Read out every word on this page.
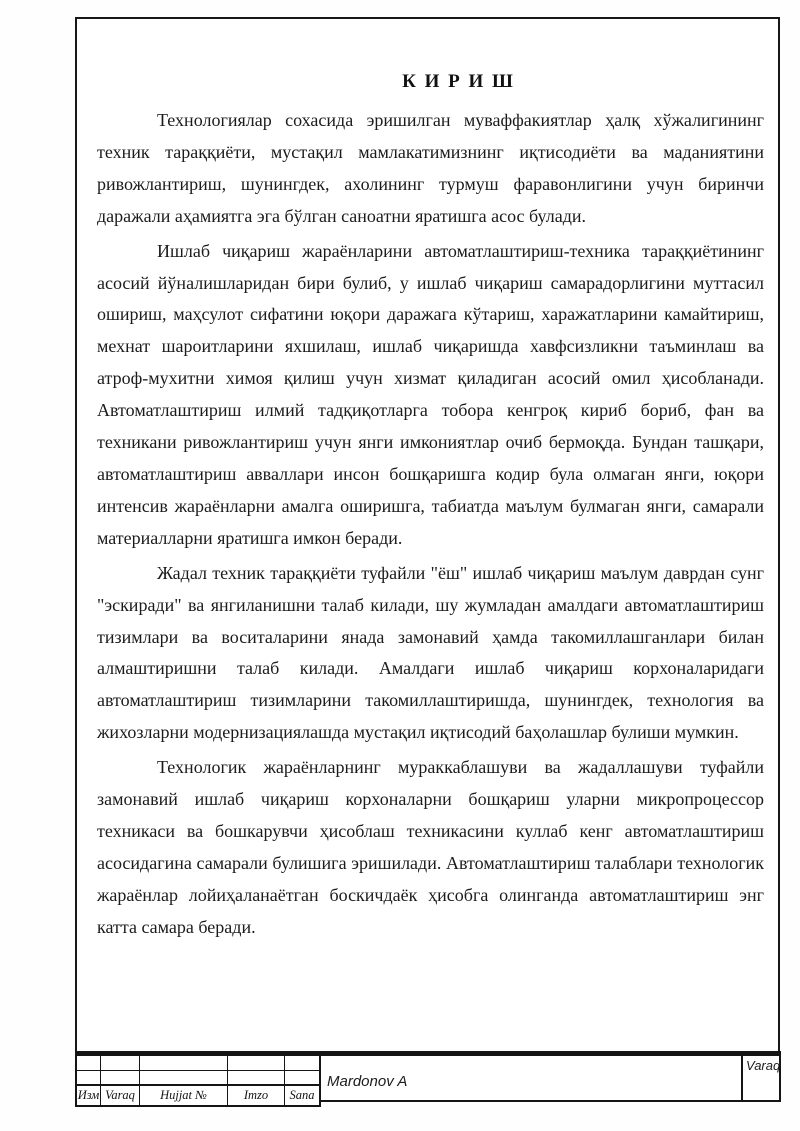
К И Р И Ш

Технологиялар сохасида эришилган муваффакиятлар ҳалқ хўжалигининг техник тараққиёти, мустақил мамлакатимизнинг иқтисодиёти ва маданиятини ривожлантириш, шунингдек, ахолининг турмуш фаравонлигини учун биринчи даражали аҳамиятга эга бўлган саноатни яратишга асос булади.

Ишлаб чиқариш жараёнларини автоматлаштириш-техника тараққиётининг асосий йўналишларидан бири булиб, у ишлаб чиқариш самарадорлигини муттасил ошириш, маҳсулот сифатини юқори даражага кўтариш, харажатларини камайтириш, мехнат шароитларини яхшилаш, ишлаб чиқаришда хавфсизликни таъминлаш ва атроф-мухитни химоя қилиш учун хизмат қиладиган асосий омил ҳисобланади. Автоматлаштириш илмий тадқиқотларга тобора кенгроқ кириб бориб, фан ва техникани ривожлантириш учун янги имкониятлар очиб бермоқда. Бундан ташқари, автоматлаштириш авваллари инсон бошқаришга кодир була олмаган янги, юқори интенсив жараёнларни амалга оширишга, табиатда маълум булмаган янги, самарали материалларни яратишга имкон беради.

Жадал техник тараққиёти туфайли "ёш" ишлаб чиқариш маълум даврдан сунг "эскиради" ва янгиланишни талаб килади, шу жумладан амалдаги автоматлаштириш тизимлари ва воситаларини янада замонавий ҳамда такомиллашганлари билан алмаштиришни талаб килади. Амалдаги ишлаб чиқариш корхоналаридаги автоматлаштириш тизимларини такомиллаштиришда, шунингдек, технология ва жихозларни модернизациялашда мустақил иқтисодий баҳолашлар булиши мумкин.

Технологик жараёнларнинг мураккаблашуви ва жадаллашуви туфайли замонавий ишлаб чиқариш корхоналарни бошқариш уларни микропроцессор техникаси ва бошкарувчи ҳисоблаш техникасини куллаб кенг автоматлаштириш асосидагина самарали булишига эришилади. Автоматлаштириш талаблари технологик жараёнлар лойиҳаланаётган боскичдаёк ҳисобга олинганда автоматлаштириш энг катта самара беради.

Изм Varaq	Hujjat №	Imzo	Sana
Mardonov A
Varaq
